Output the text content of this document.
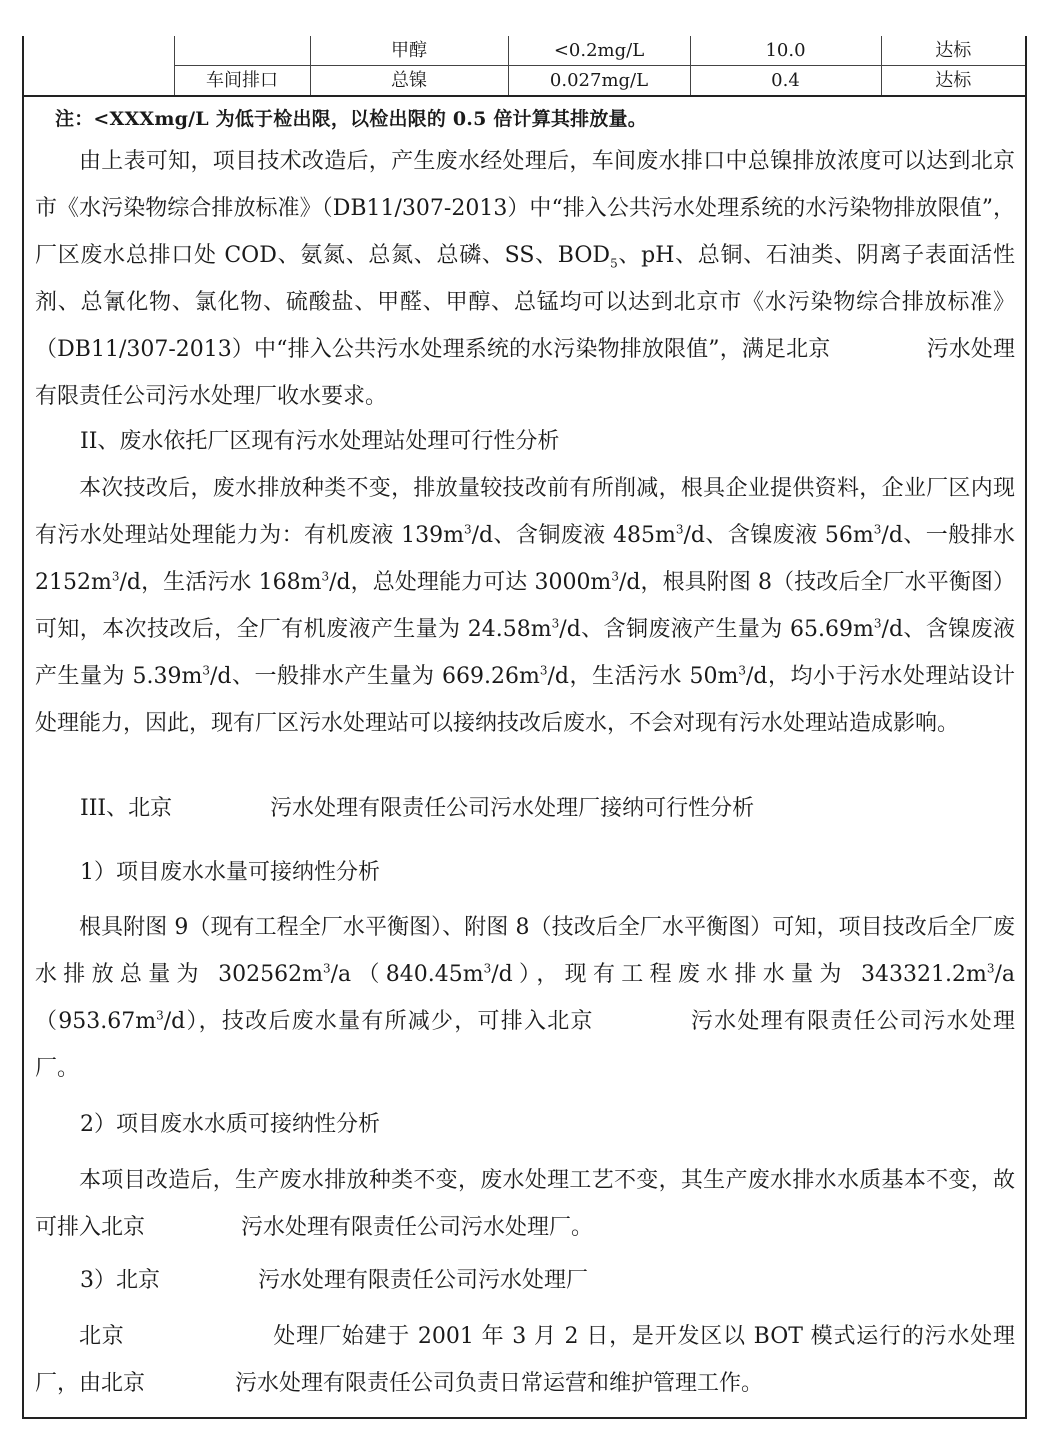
		甲醇	<0.2mg/L	10.0	达标
	车间排口	总镍	0.027mg/L	0.4	达标
注：<XXXmg/L 为低于检出限，以检出限的 0.5 倍计算其排放量。
由上表可知，项目技术改造后，产生废水经处理后，车间废水排口中总镍排放浓度可以达到北京市《水污染物综合排放标准》（DB11/307-2013）中“排入公共污水处理系统的水污染物排放限值”，厂区废水总排口处 COD、氨氮、总氮、总磷、SS、$BOD_5$、pH、总铜、石油类、阴离子表面活性剂、总氰化物、氯化物、硫酸盐、甲醛、甲醇、总锰均可以达到北京市《水污染物综合排放标准》（DB11/307-2013）中“排入公共污水处理系统的水污染物排放限值”，满足北京	污水处理有限责任公司污水处理厂收水要求。
II、废水依托厂区现有污水处理站处理可行性分析
本次技改后，废水排放种类不变，排放量较技改前有所削减，根具企业提供资料，企业厂区内现有污水处理站处理能力为：有机废液 $139m^3/d$、含铜废液 $485m^3/d$、含镍废液 $56m^3/d$、一般排水 $2152m^3/d$，生活污水 $168m^3/d$，总处理能力可达 $3000m^3/d$，根具附图 8（技改后全厂水平衡图）可知，本次技改后，全厂有机废液产生量为 $24.58m^3/d$、含铜废液产生量为 $65.69m^3/d$、含镍废液产生量为 $5.39m^3/d$、一般排水产生量为 $669.26m^3/d$，生活污水 $50m^3/d$，均小于污水处理站设计处理能力，因此，现有厂区污水处理站可以接纳技改后废水，不会对现有污水处理站造成影响。
III、北京	污水处理有限责任公司污水处理厂接纳可行性分析
1）项目废水水量可接纳性分析
根具附图 9（现有工程全厂水平衡图）、附图 8（技改后全厂水平衡图）可知，项目技改后全厂废水排放总量为 $302562m^3/a(840.45m^3/d)$，现有工程废水排水量为 $343321.2m^3/a(953.67m^3/d)$，技改后废水量有所减少，可排入北京	污水处理有限责任公司污水处理厂。
2）项目废水水质可接纳性分析
本项目改造后，生产废水排放种类不变，废水处理工艺不变，其生产废水排水水质基本不变，故可排入北京	污水处理有限责任公司污水处理厂。
3）北京	污水处理有限责任公司污水处理厂
北京	处理厂始建于 2001 年 3 月 2 日，是开发区以 BOT 模式运行的污水处理厂，由北京	污水处理有限责任公司负责日常运营和维护管理工作。
